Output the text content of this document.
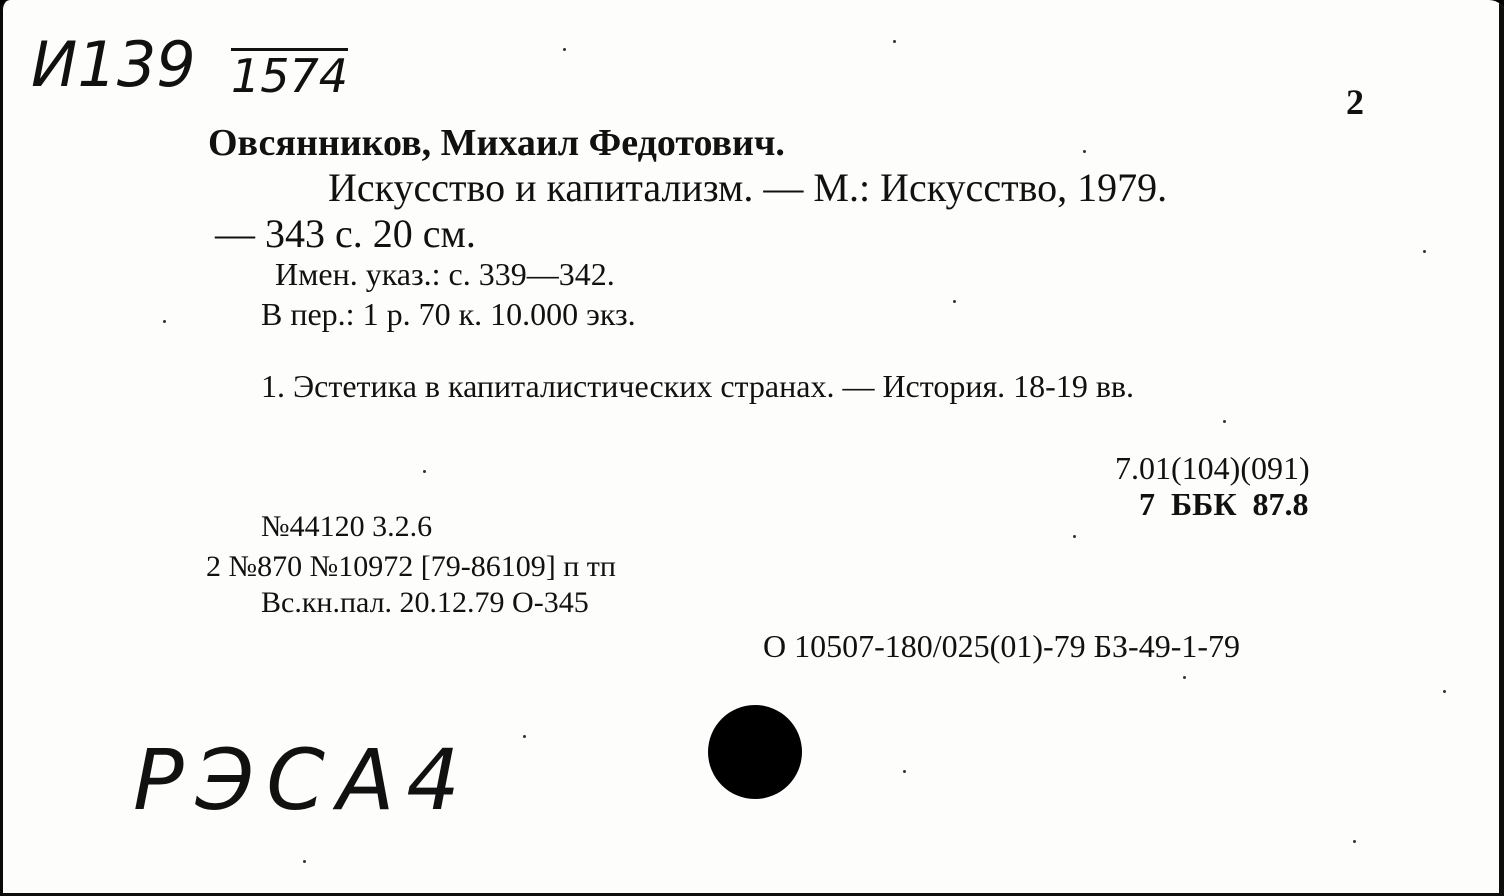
И139 1574
РЭСА4
2
Овсянников, Михаил Федотович.
Искусство и капитализм. — М.: Искусство, 1979.
— 343 с. 20 см.
Имен. указ.: с. 339—342.
В пер.: 1 р. 70 к. 10.000 экз.
1. Эстетика в капиталистических странах. — История. 18-19 вв.
7.01(104)(091)
7  ББК  87.8
№44120 3.2.6
2 №870 №10972 [79-86109] п тп
Вс.кн.пал. 20.12.79 О-345
О 10507-180/025(01)-79 БЗ-49-1-79
